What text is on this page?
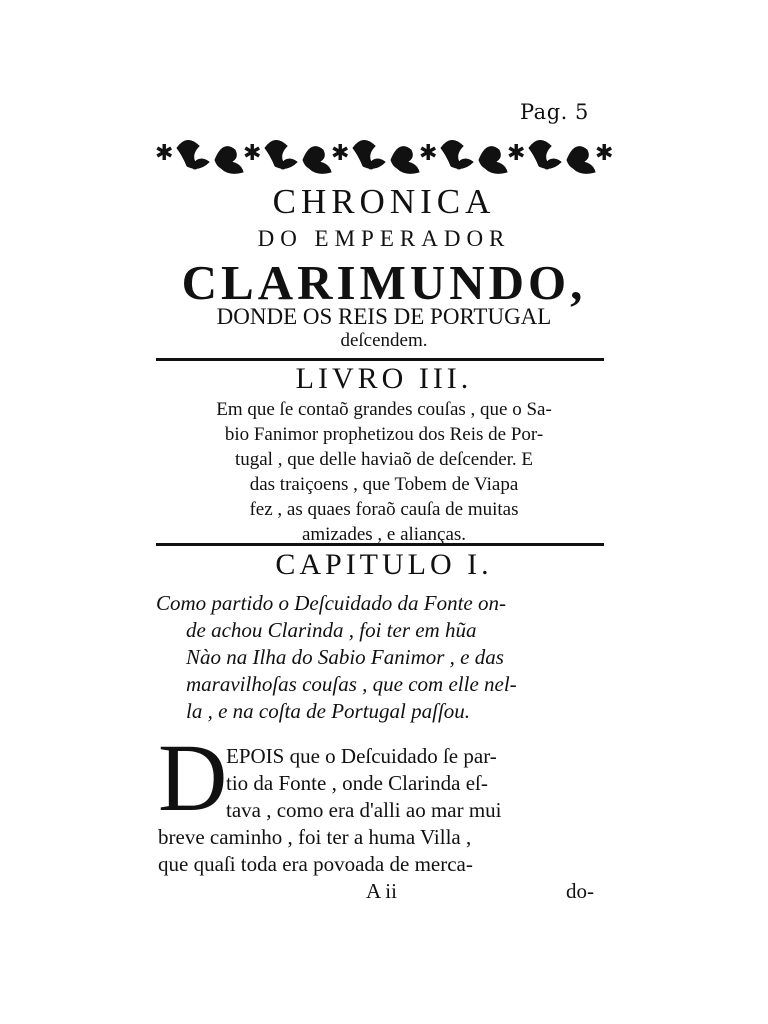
Pag. 5
✱	✱	✱	✱	✱	✱
CHRONICA
DO EMPERADOR
CLARIMUNDO,
DONDE OS REIS DE PORTUGAL
deſcendem.
LIVRO III.
Em que ſe contaõ grandes couſas , que o Sa-
bio Fanimor prophetizou dos Reis de Por-
tugal , que delle haviaõ de deſcender. E
das traiçoens , que Tobem de Viapa
fez , as quaes foraõ cauſa de muitas
amizades , e alianças.
CAPITULO I.
Como partido o Deſcuidado da Fonte on-
de achou Clarinda , foi ter em hũa
Nào na Ilha do Sabio Fanimor , e das
maravilhoſas couſas , que com elle nel-
la , e na coſta de Portugal paſſou.
D
EPOIS que o Deſcuidado ſe par-
tio da Fonte , onde Clarinda eſ-
tava , como era d'alli ao mar mui
breve caminho , foi ter a huma Villa ,
que quaſi toda era povoada de merca-
A ii	do-
